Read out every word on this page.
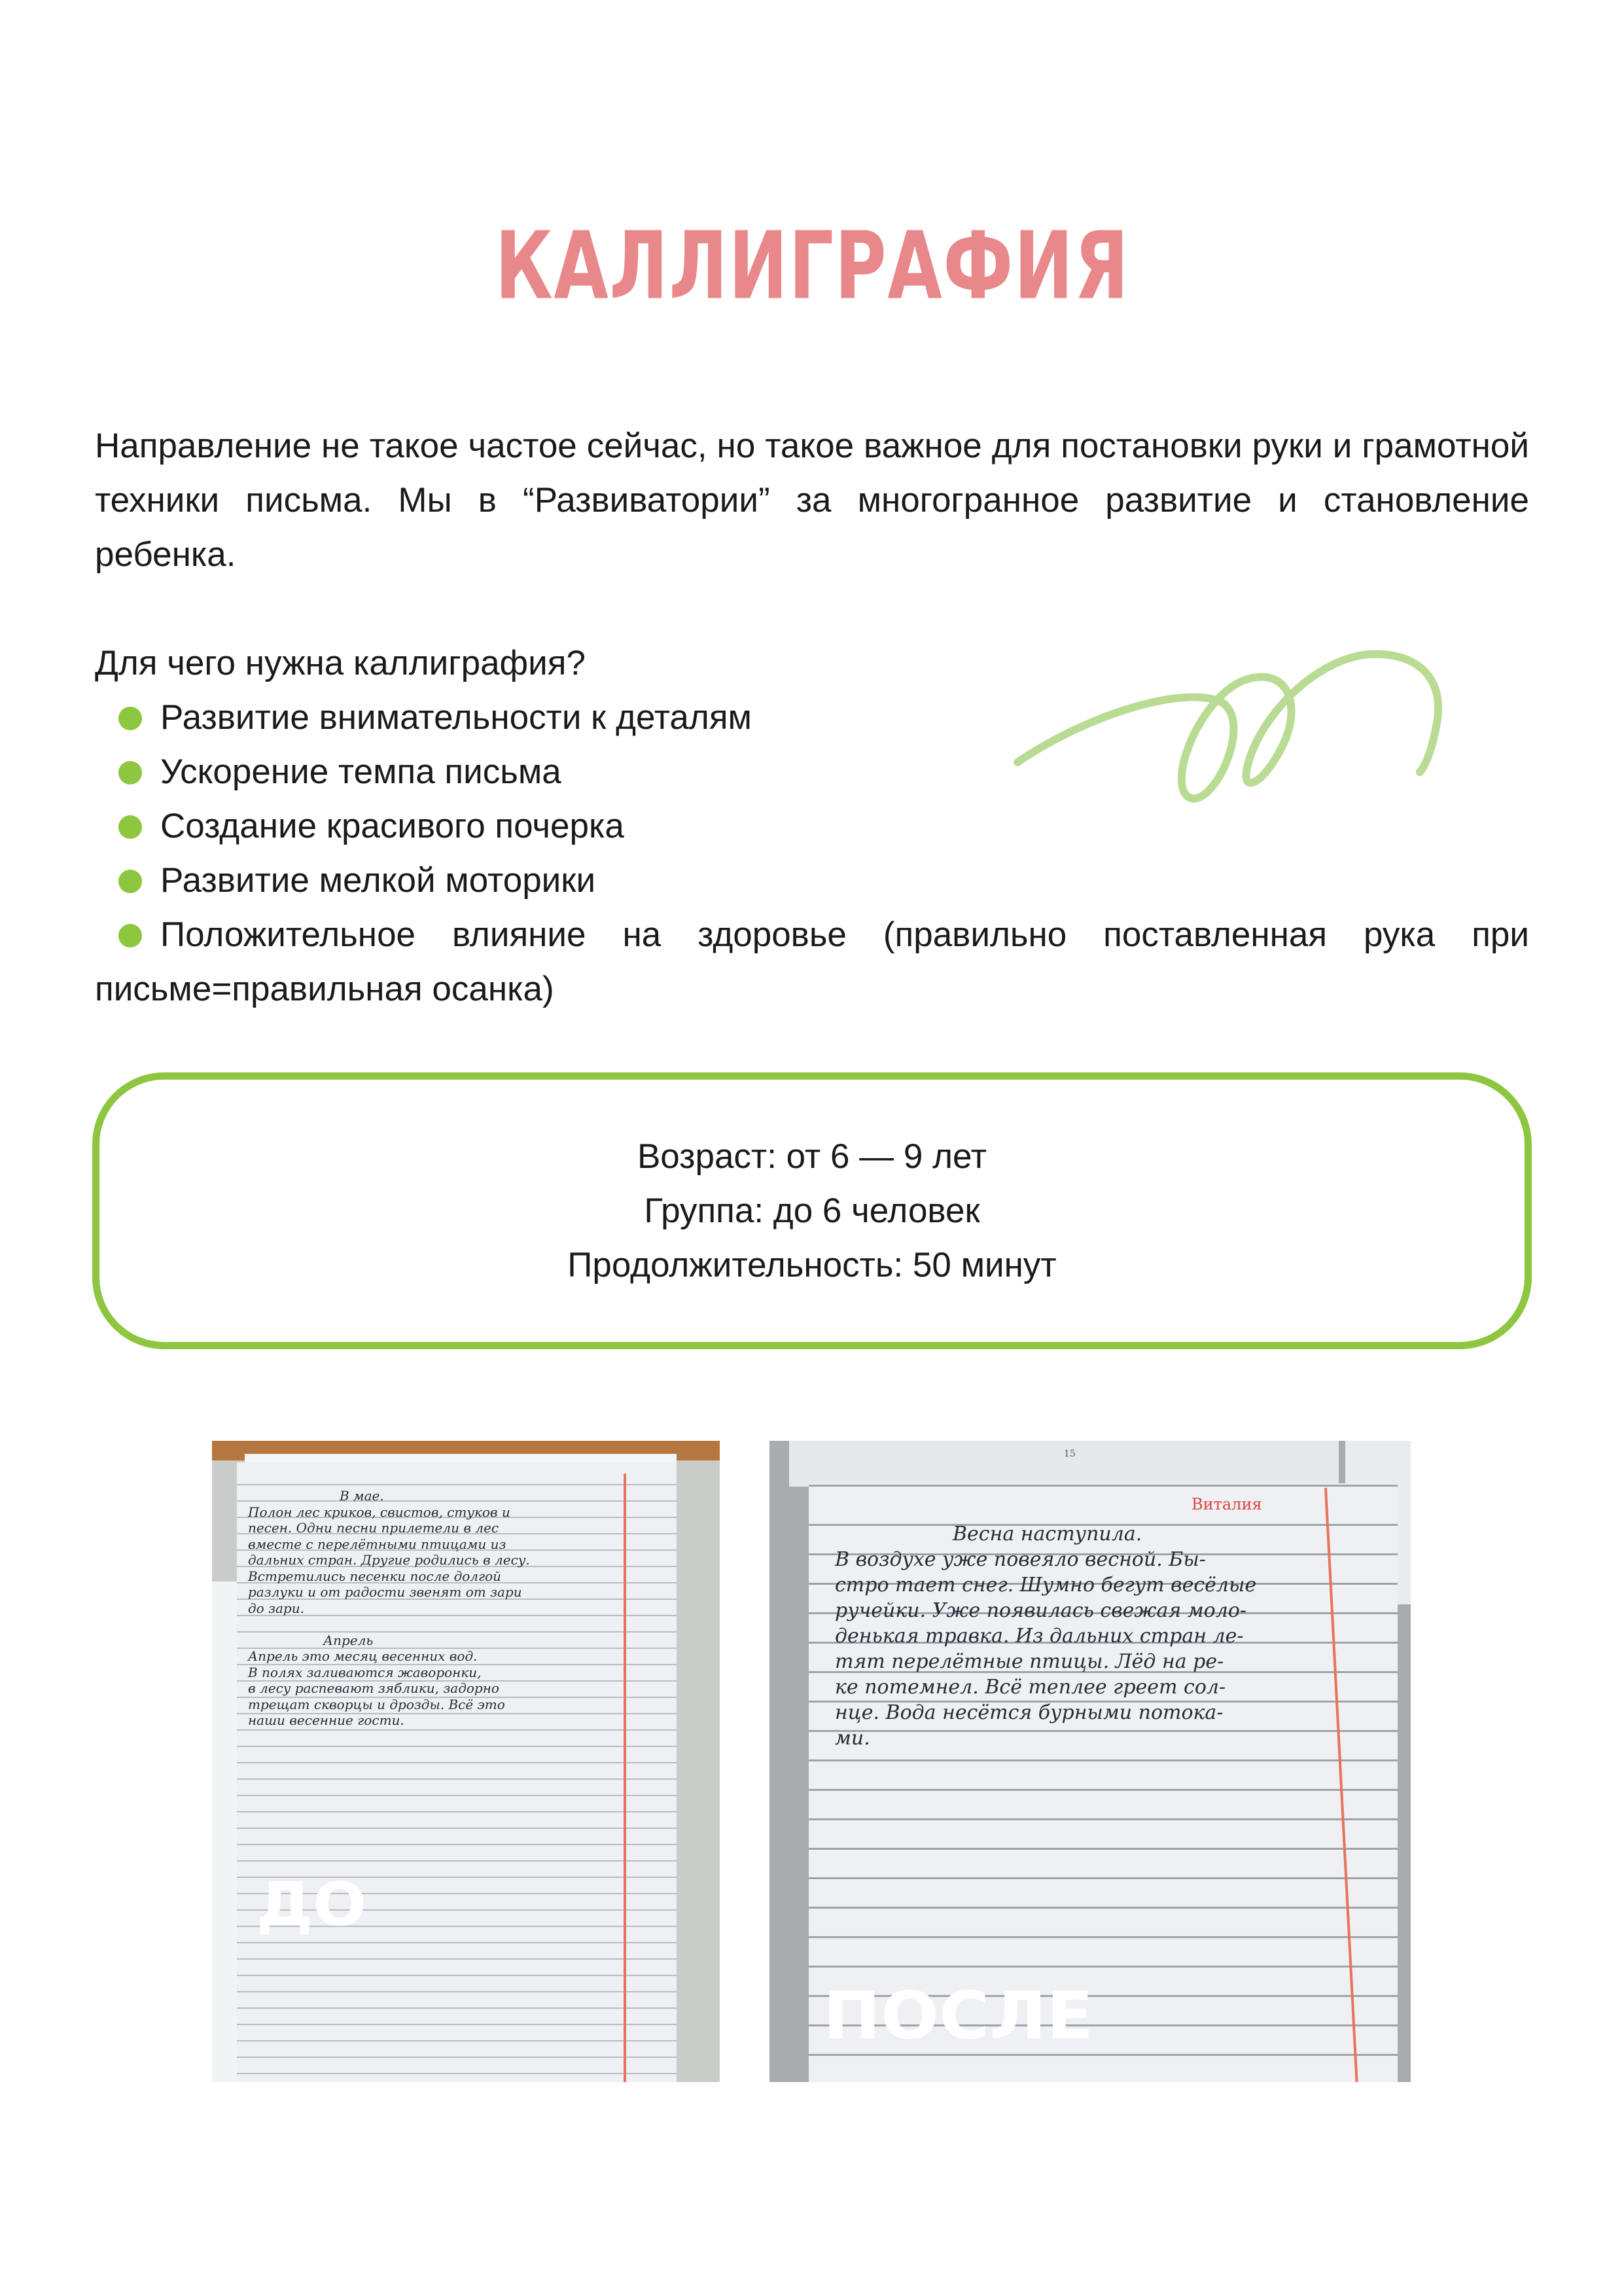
КАЛЛИГРАФИЯ

Направление не такое частое сейчас, но такое важное для постановки руки и грамотной техники письма. Мы в “Развиватории” за многогранное развитие и становление ребенка.

Для чего нужна каллиграфия?

Развитие внимательности к деталям
Ускорение темпа письма
Создание красивого почерка
Развитие мелкой моторики
Положительное влияние на здоровье (правильно поставленная рука при письме=правильная осанка)
Возраст: от 6 — 9 лет
Группа: до 6 человек
Продолжительность: 50 минут
В мае.
Полон лес криков, свистов, стуков и
песен. Одни песни прилетели в лес
вместе с перелётными птицами из
дальних стран. Другие родились в лесу.
Встретились песенки после долгой
разлуки и от радости звенят от зари
до зари.
Апрель
Апрель это месяц весенних вод.
В полях заливаются жаворонки,
в лесу распевают зяблики, задорно
трещат скворцы и дрозды. Всё это
наши весенние гости.
ДО
15
Виталия
Весна наступила.
В воздухе уже повеяло весной. Бы-
стро тает снег. Шумно бегут весёлые
ручейки. Уже появилась свежая моло-
денькая травка. Из дальних стран ле-
тят перелётные птицы. Лёд на ре-
ке потемнел. Всё теплее греет сол-
нце. Вода несётся бурными потока-
ми.
ПОСЛЕ
